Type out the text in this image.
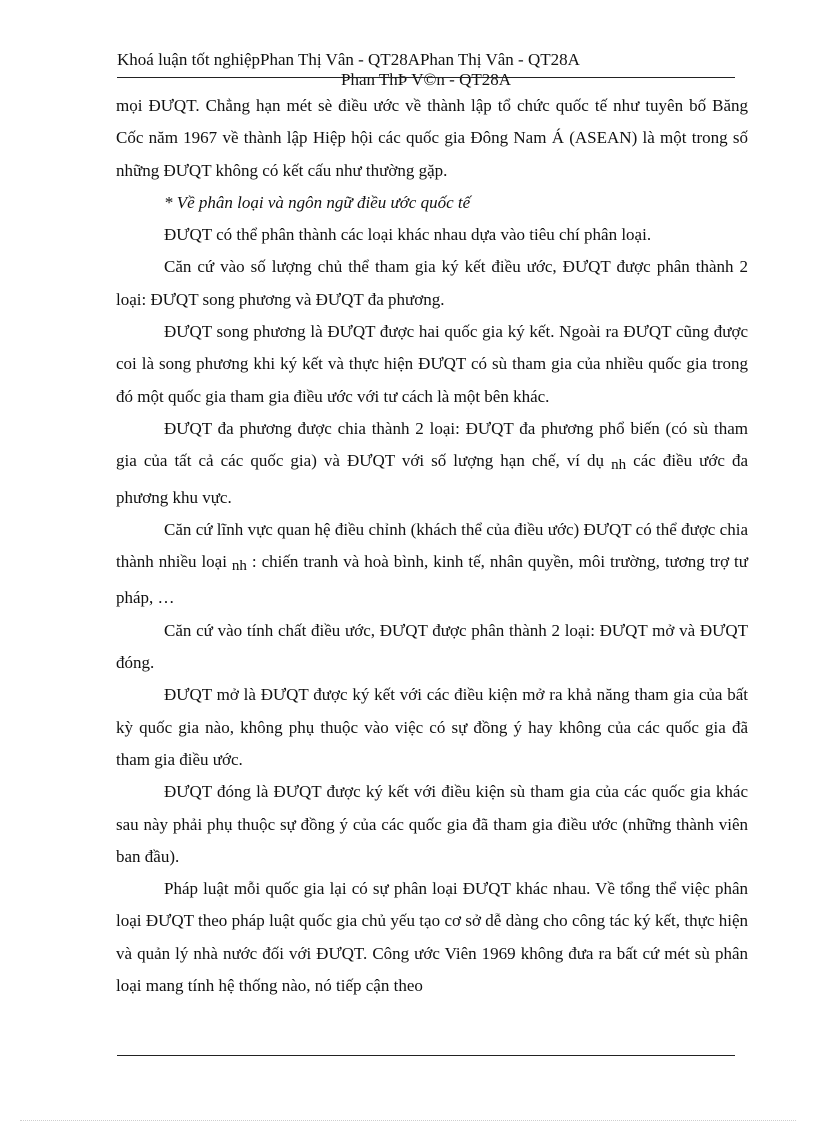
Khoá luận tốt nghiệpPhan Thị Vân - QT28APhan Thị Vân - QT28A
Phan ThÞ V©n - QT28A

mọi ĐƯQT. Chẳng hạn mét sè điều ước về thành lập tổ chức quốc tế như tuyên bố Băng Cốc năm 1967 về thành lập Hiệp hội các quốc gia Đông Nam Á (ASEAN) là một trong số những ĐƯQT không có kết cấu như thường gặp.

* Về phân loại và ngôn ngữ điều ước quốc tế

ĐƯQT có thể phân thành các loại khác nhau dựa vào tiêu chí phân loại.

Căn cứ vào số lượng chủ thể tham gia ký kết điều ước, ĐƯQT được phân thành 2 loại: ĐƯQT song phương và ĐƯQT đa phương.

ĐƯQT song phương là ĐƯQT được hai quốc gia ký kết. Ngoài ra ĐƯQT cũng được coi là song phương khi ký kết và thực hiện ĐƯQT có sù tham gia của nhiều quốc gia trong đó một quốc gia tham gia điều ước với tư cách là một bên khác.

ĐƯQT đa phương được chia thành 2 loại: ĐƯQT đa phương phổ biến (có sù tham gia của tất cả các quốc gia) và ĐƯQT với số lượng hạn chế, ví dụ nh các điều ước đa phương khu vực.

Căn cứ lĩnh vực quan hệ điều chỉnh (khách thể của điều ước) ĐƯQT có thể được chia thành nhiều loại nh : chiến tranh và hoà bình, kinh tế, nhân quyền, môi trường, tương trợ tư pháp, …

Căn cứ vào tính chất điều ước, ĐƯQT được phân thành 2 loại: ĐƯQT mở và ĐƯQT đóng.

ĐƯQT mở là ĐƯQT được ký kết với các điều kiện mở ra khả năng tham gia của bất kỳ quốc gia nào, không phụ thuộc vào việc có sự đồng ý hay không của các quốc gia đã tham gia điều ước.

ĐƯQT đóng là ĐƯQT được ký kết với điều kiện sù tham gia của các quốc gia khác sau này phải phụ thuộc sự đồng ý của các quốc gia đã tham gia điều ước (những thành viên ban đầu).

Pháp luật mỗi quốc gia lại có sự phân loại ĐƯQT khác nhau. Về tổng thể việc phân loại ĐƯQT theo pháp luật quốc gia chủ yếu tạo cơ sở dễ dàng cho công tác ký kết, thực hiện và quản lý nhà nước đối với ĐƯQT. Công ước Viên 1969 không đưa ra bất cứ mét sù phân loại mang tính hệ thống nào, nó tiếp cận theo
